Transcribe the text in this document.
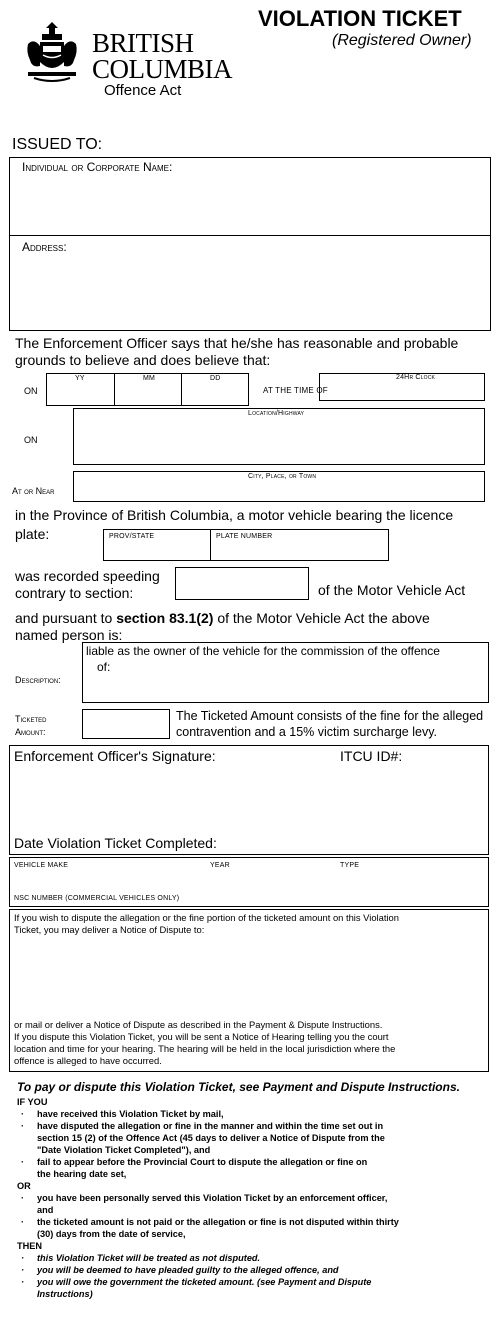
BRITISH
COLUMBIA
Offence Act
VIOLATION TICKET
(Registered Owner)
ISSUED TO:
Individual or Corporate Name:
Address:
The Enforcement Officer says that he/she has reasonable and probable
grounds to believe and does believe that:
ON
YY	MM	DD
AT THE TIME OF
24Hr Clock
ON
Location/Highway
At or Near
City, Place, or Town
in the Province of British Columbia, a motor vehicle bearing the licence
plate:	PROV/STATE	PLATE NUMBER
was recorded speeding
contrary to section:	of the Motor Vehicle Act
and pursuant to section 83.1(2) of the Motor Vehicle Act the above
named person is:
Description:
liable as the owner of the vehicle for the commission of the offence
of:
Ticketed
Amount:
The Ticketed Amount consists of the fine for the alleged
contravention and a 15% victim surcharge levy.
Enforcement Officer's Signature:	ITCU ID#:
Date Violation Ticket Completed:
VEHICLE MAKE	YEAR	TYPE
NSC NUMBER (COMMERCIAL VEHICLES ONLY)
If you wish to dispute the allegation or the fine portion of the ticketed amount on this Violation
Ticket, you may deliver a Notice of Dispute to:
or mail or deliver a Notice of Dispute as described in the Payment & Dispute Instructions.
If you dispute this Violation Ticket, you will be sent a Notice of Hearing telling you the court
location and time for your hearing. The hearing will be held in the local jurisdiction where the
offence is alleged to have occurred.
To pay or dispute this Violation Ticket, see Payment and Dispute Instructions.
IF YOU
· have received this Violation Ticket by mail,
· have disputed the allegation or fine in the manner and within the time set out in
section 15 (2) of the Offence Act (45 days to deliver a Notice of Dispute from the
"Date Violation Ticket Completed"), and
· fail to appear before the Provincial Court to dispute the allegation or fine on
the hearing date set,
OR
· you have been personally served this Violation Ticket by an enforcement officer,
and
· the ticketed amount is not paid or the allegation or fine is not disputed within thirty
(30) days from the date of service,
THEN
· this Violation Ticket will be treated as not disputed.
· you will be deemed to have pleaded guilty to the alleged offence, and
· you will owe the government the ticketed amount. (see Payment and Dispute
Instructions)
